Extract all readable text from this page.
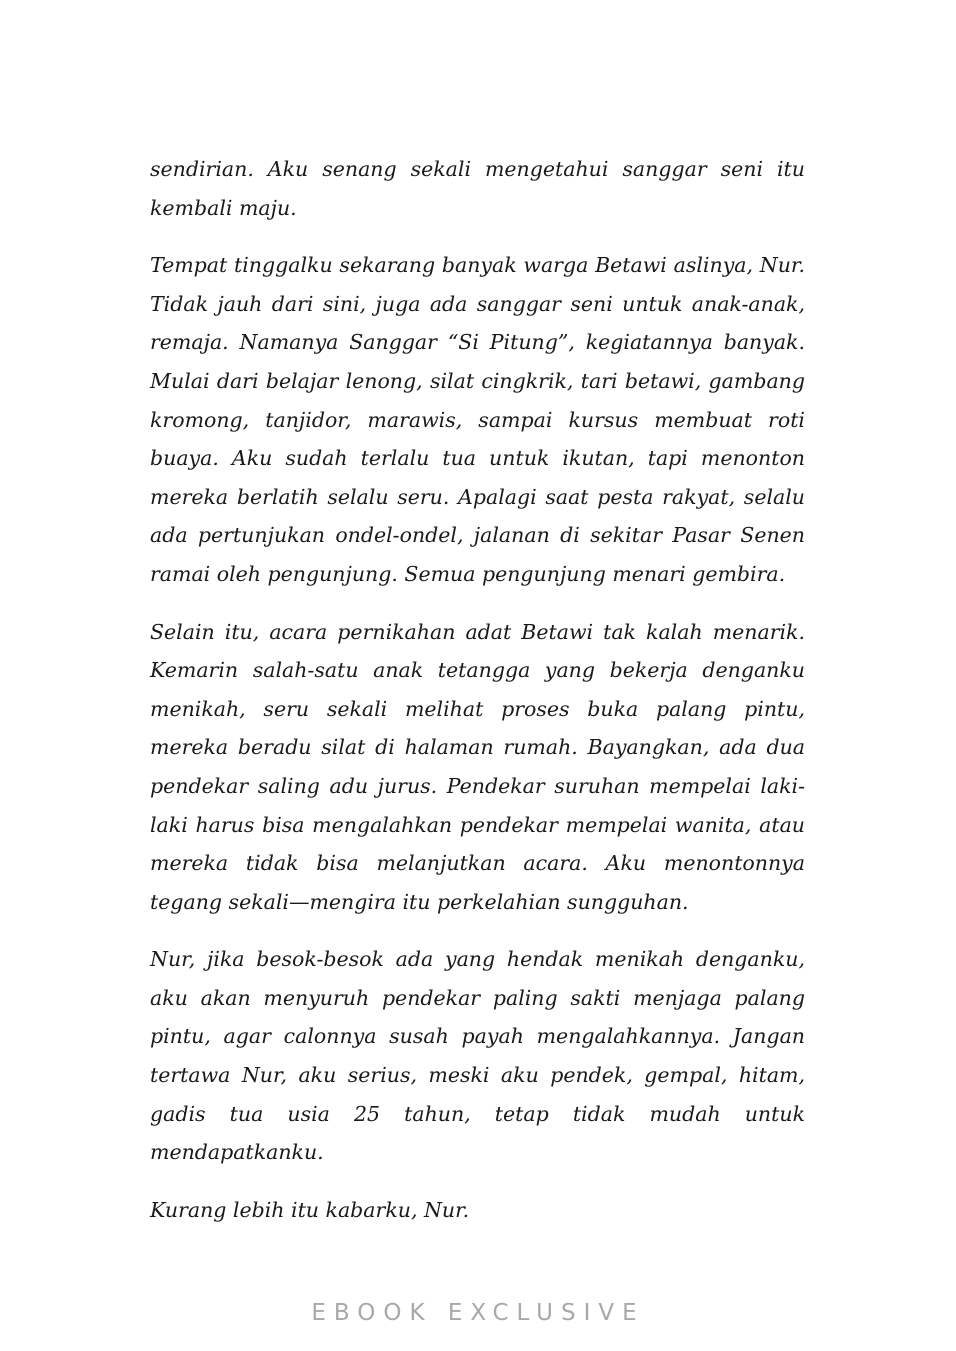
sendirian. Aku senang sekali mengetahui sanggar seni itu kembali maju.

Tempat tinggalku sekarang banyak warga Betawi aslinya, Nur. Tidak jauh dari sini, juga ada sanggar seni untuk anak-anak, remaja. Namanya Sanggar “Si Pitung”, kegiatannya banyak. Mulai dari belajar lenong, silat cingkrik, tari betawi, gambang kromong, tanjidor, marawis, sampai kursus membuat roti buaya. Aku sudah terlalu tua untuk ikutan, tapi menonton mereka berlatih selalu seru. Apalagi saat pesta rakyat, selalu ada pertunjukan ondel-ondel, jalanan di sekitar Pasar Senen ramai oleh pengunjung. Semua pengunjung menari gembira.

Selain itu, acara pernikahan adat Betawi tak kalah menarik. Kemarin salah-satu anak tetangga yang bekerja denganku menikah, seru sekali melihat proses buka palang pintu, mereka beradu silat di halaman rumah. Bayangkan, ada dua pendekar saling adu jurus. Pendekar suruhan mempelai laki-laki harus bisa mengalahkan pendekar mempelai wanita, atau mereka tidak bisa melanjutkan acara. Aku menontonnya tegang sekali—mengira itu perkelahian sungguhan.

Nur, jika besok-besok ada yang hendak menikah denganku, aku akan menyuruh pendekar paling sakti menjaga palang pintu, agar calonnya susah payah mengalahkannya. Jangan tertawa Nur, aku serius, meski aku pendek, gempal, hitam, gadis tua usia 25 tahun, tetap tidak mudah untuk mendapatkanku.

Kurang lebih itu kabarku, Nur.

EBOOK EXCLUSIVE
